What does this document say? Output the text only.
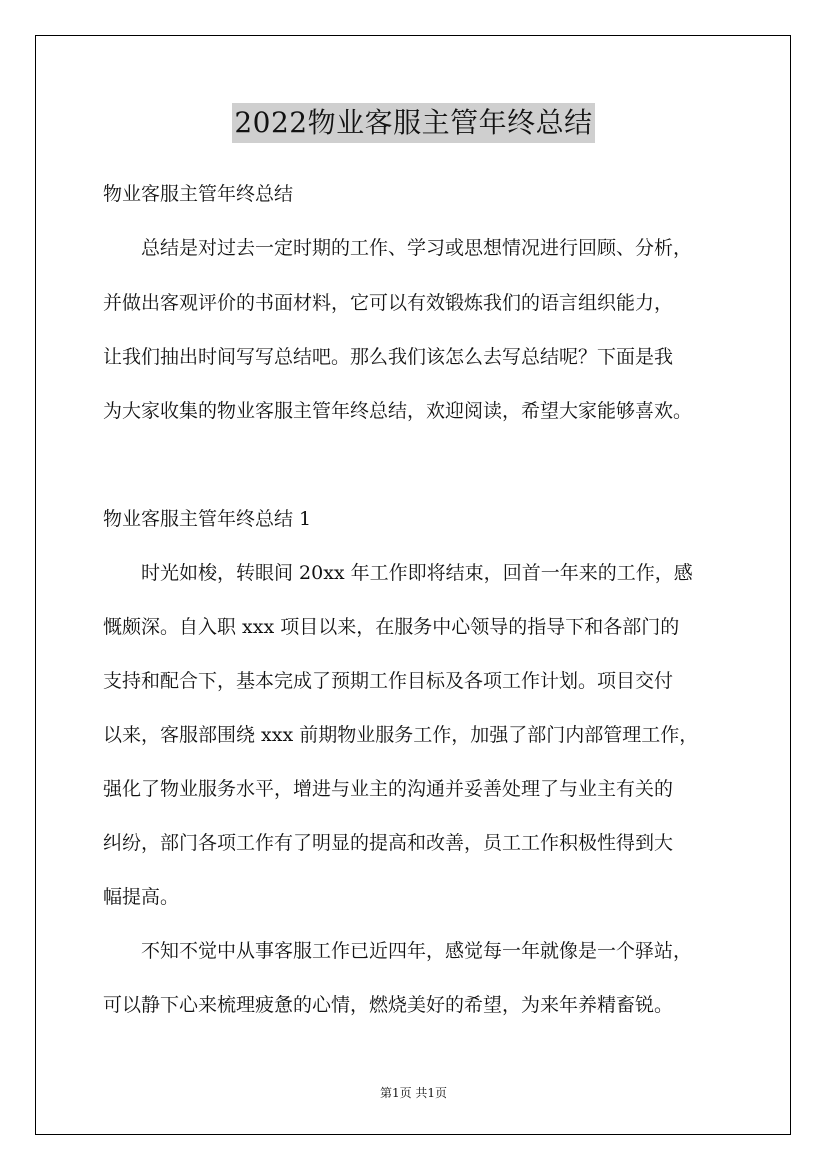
2022物业客服主管年终总结
物业客服主管年终总结
总结是对过去一定时期的工作、学习或思想情况进行回顾、分析，
并做出客观评价的书面材料，它可以有效锻炼我们的语言组织能力，
让我们抽出时间写写总结吧。那么我们该怎么去写总结呢？下面是我
为大家收集的物业客服主管年终总结，欢迎阅读，希望大家能够喜欢。
物业客服主管年终总结 1
时光如梭，转眼间 20xx 年工作即将结束，回首一年来的工作，感
慨颇深。自入职 xxx 项目以来，在服务中心领导的指导下和各部门的
支持和配合下，基本完成了预期工作目标及各项工作计划。项目交付
以来，客服部围绕 xxx 前期物业服务工作，加强了部门内部管理工作，
强化了物业服务水平，增进与业主的沟通并妥善处理了与业主有关的
纠纷，部门各项工作有了明显的提高和改善，员工工作积极性得到大
幅提高。
不知不觉中从事客服工作已近四年，感觉每一年就像是一个驿站，
可以静下心来梳理疲惫的心情，燃烧美好的希望，为来年养精畜锐。
第1页 共1页
